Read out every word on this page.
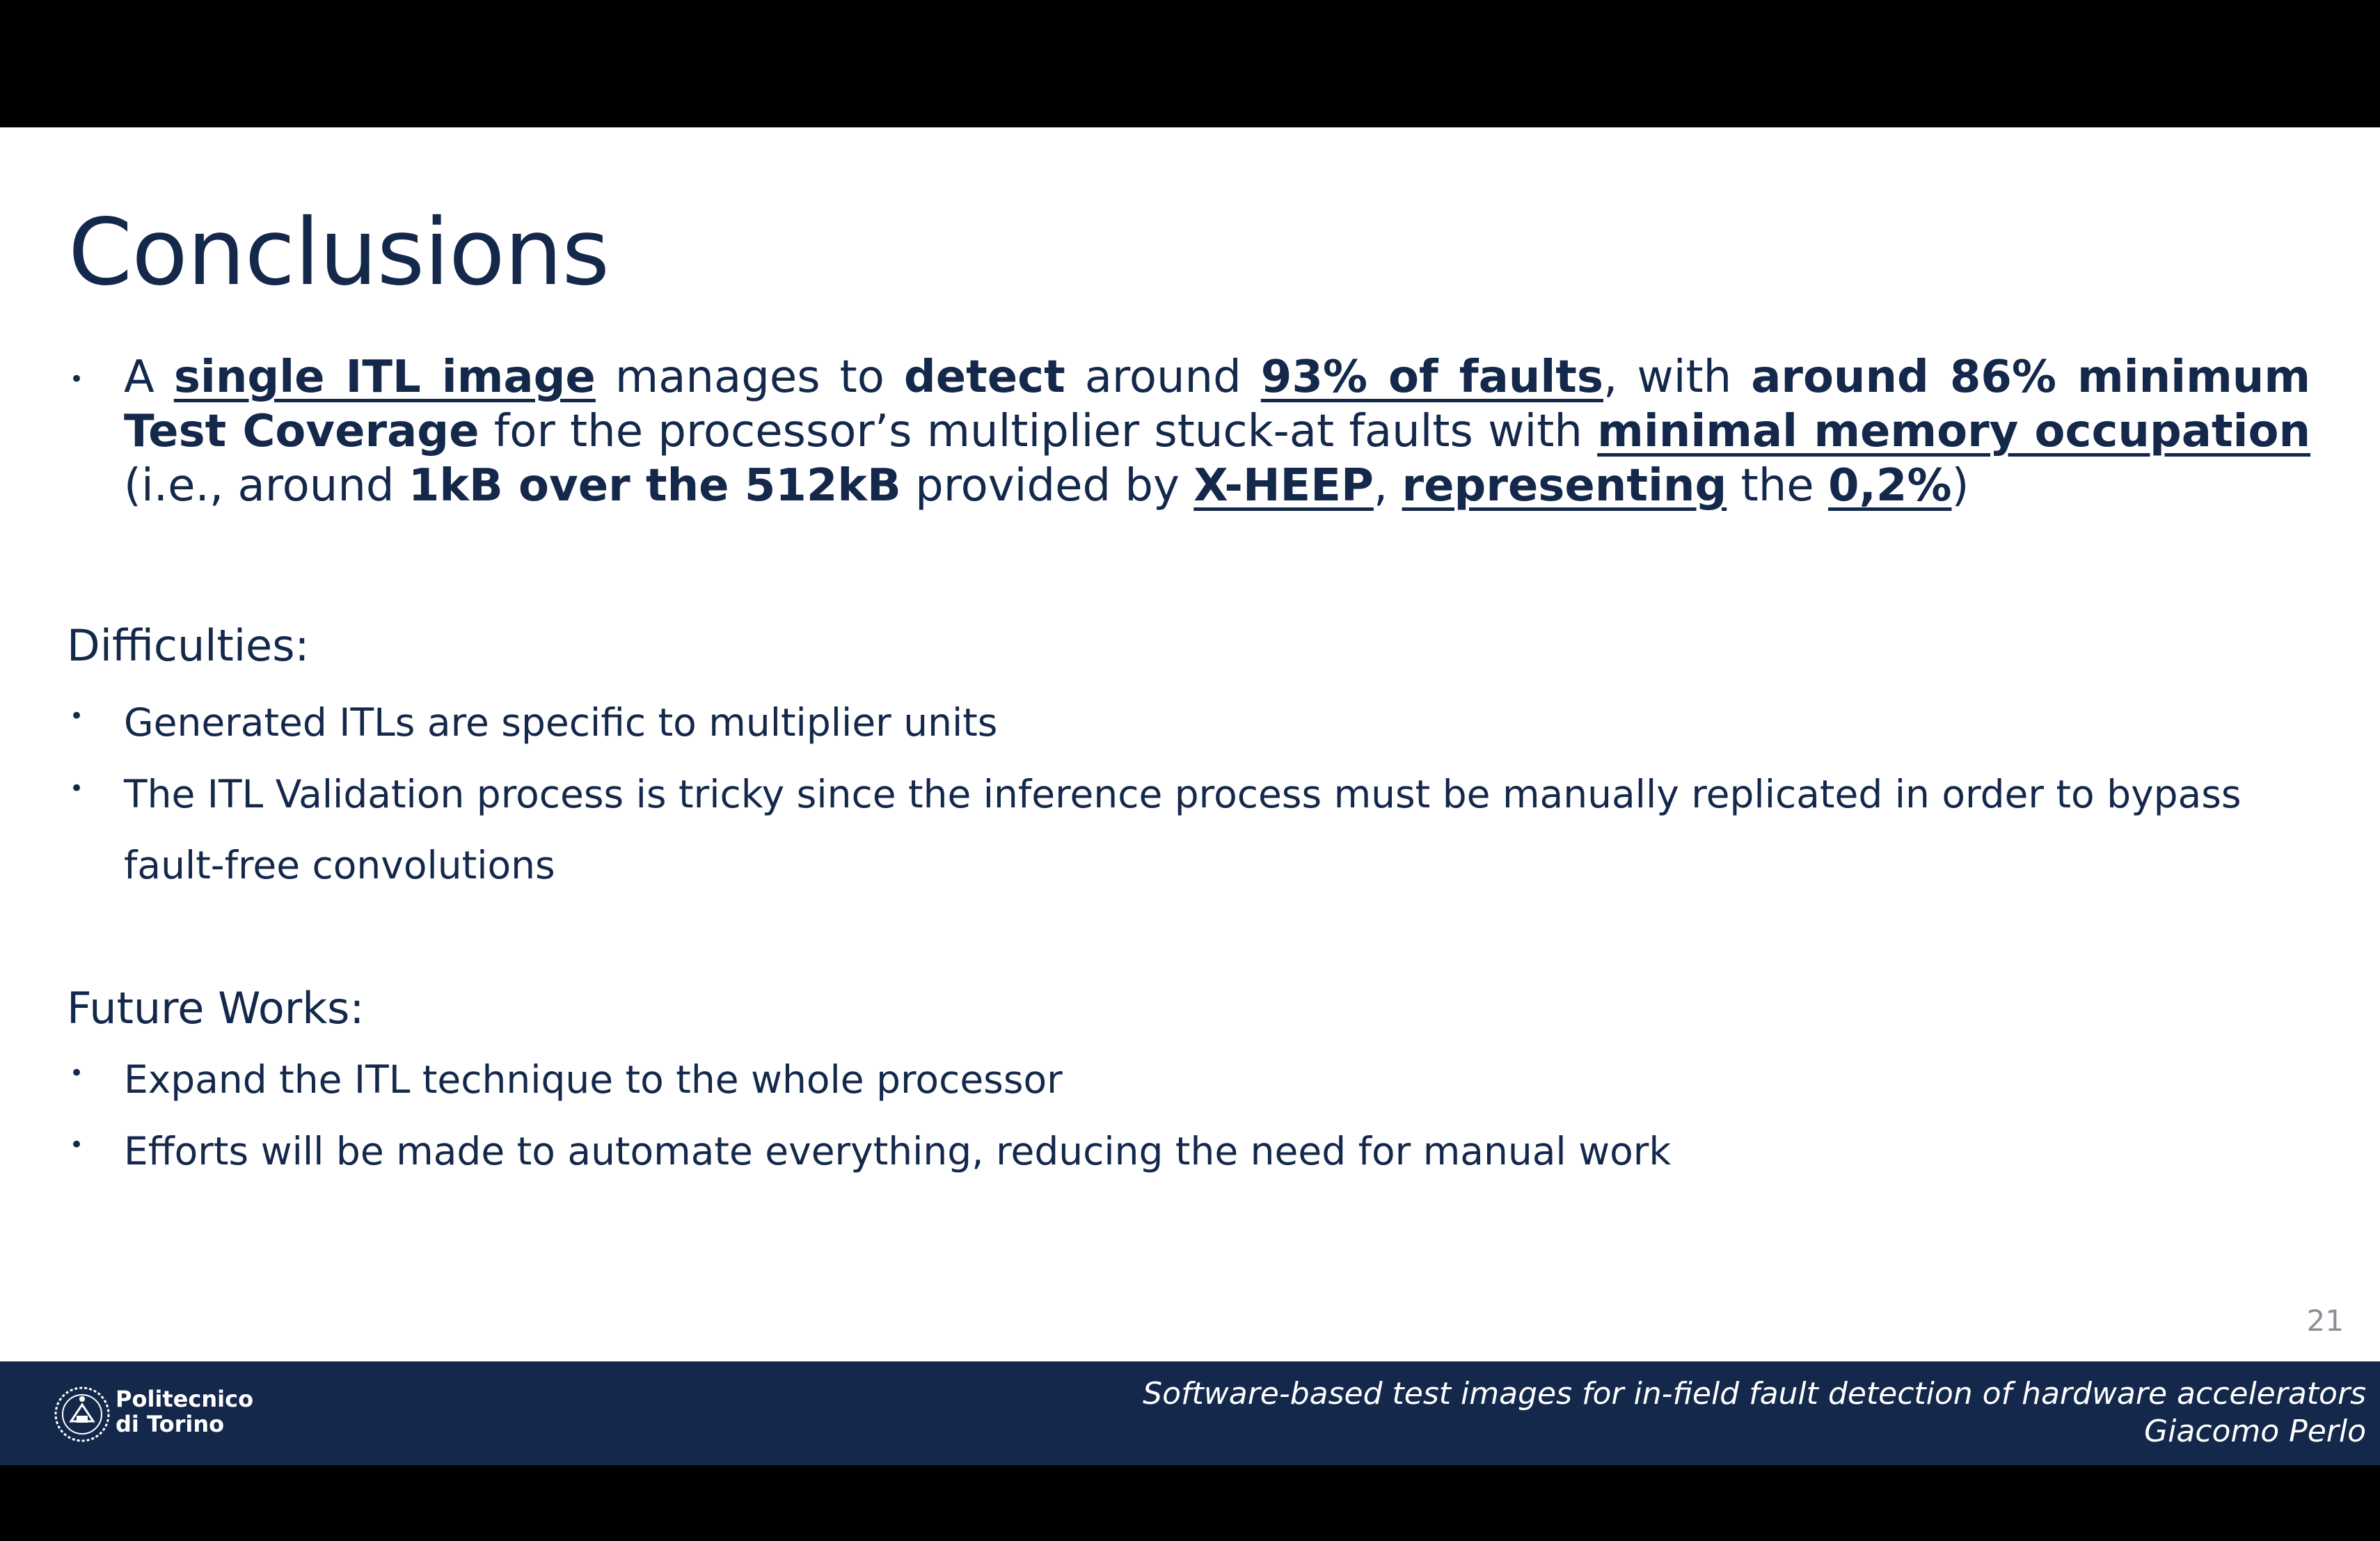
Conclusions
• A single ITL image manages to detect around 93% of faults, with around 86% minimum Test Coverage for the processor’s multiplier stuck-at faults with minimal memory occupation (i.e., around 1kB over the 512kB provided by X-HEEP, representing the 0,2%)

Difficulties:
• Generated ITLs are specific to multiplier units

• The ITL Validation process is tricky since the inference process must be manually replicated in order to bypass fault-free convolutions

Future Works:
• Expand the ITL technique to the whole processor

• Efforts will be made to automate everything, reducing the need for manual work

21
Politecnico
di Torino
Software-based test images for in-field fault detection of hardware accelerators
Giacomo Perlo
